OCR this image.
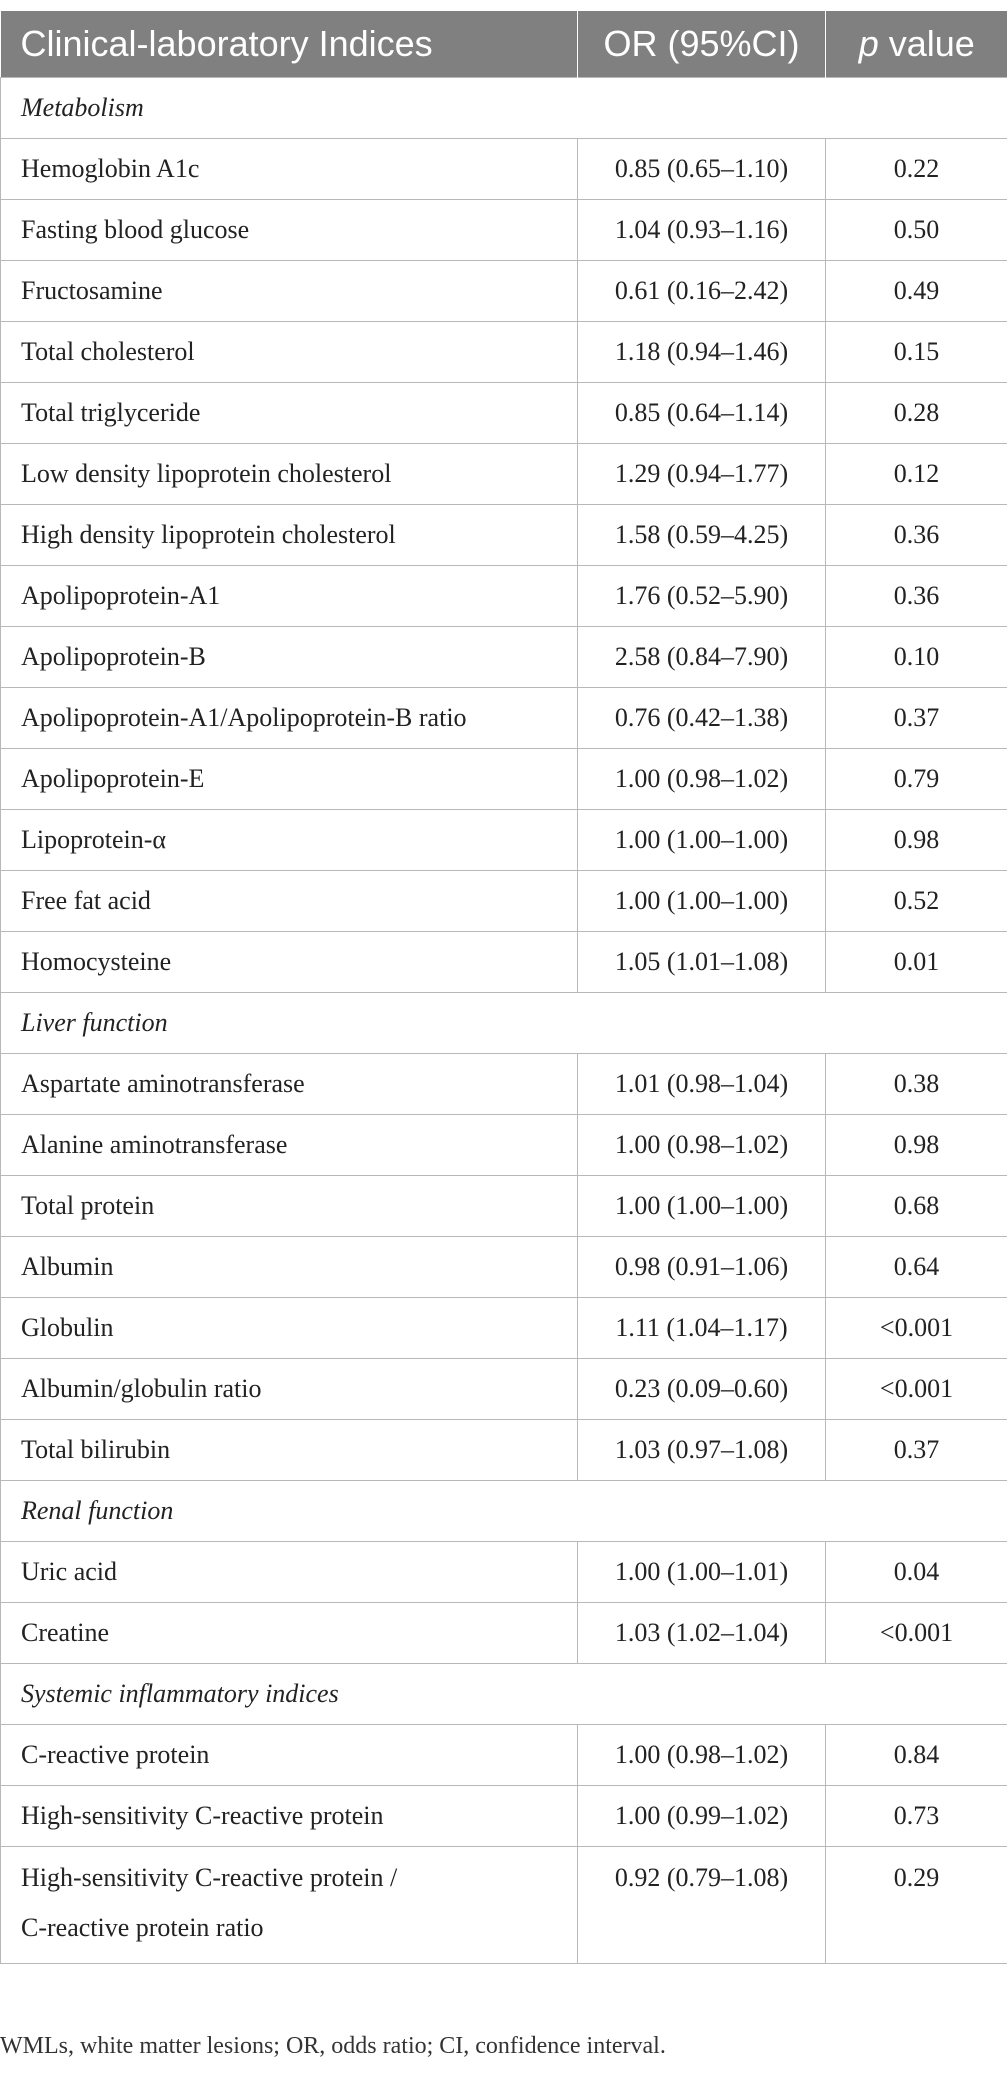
Clinical-laboratory Indices	OR (95%CI)	p value
Metabolism		
Hemoglobin A1c	0.85 (0.65–1.10)	0.22
Fasting blood glucose	1.04 (0.93–1.16)	0.50
Fructosamine	0.61 (0.16–2.42)	0.49
Total cholesterol	1.18 (0.94–1.46)	0.15
Total triglyceride	0.85 (0.64–1.14)	0.28
Low density lipoprotein cholesterol	1.29 (0.94–1.77)	0.12
High density lipoprotein cholesterol	1.58 (0.59–4.25)	0.36
Apolipoprotein-A1	1.76 (0.52–5.90)	0.36
Apolipoprotein-B	2.58 (0.84–7.90)	0.10
Apolipoprotein-A1/Apolipoprotein-B ratio	0.76 (0.42–1.38)	0.37
Apolipoprotein-E	1.00 (0.98–1.02)	0.79
Lipoprotein-α	1.00 (1.00–1.00)	0.98
Free fat acid	1.00 (1.00–1.00)	0.52
Homocysteine	1.05 (1.01–1.08)	0.01
Liver function		
Aspartate aminotransferase	1.01 (0.98–1.04)	0.38
Alanine aminotransferase	1.00 (0.98–1.02)	0.98
Total protein	1.00 (1.00–1.00)	0.68
Albumin	0.98 (0.91–1.06)	0.64
Globulin	1.11 (1.04–1.17)	<0.001
Albumin/globulin ratio	0.23 (0.09–0.60)	<0.001
Total bilirubin	1.03 (0.97–1.08)	0.37
Renal function		
Uric acid	1.00 (1.00–1.01)	0.04
Creatine	1.03 (1.02–1.04)	<0.001
Systemic inflammatory indices		
C-reactive protein	1.00 (0.98–1.02)	0.84
High-sensitivity C-reactive protein	1.00 (0.99–1.02)	0.73

High-sensitivity C-reactive protein /
C-reactive protein ratio	0.92 (0.79–1.08)	0.29

WMLs, white matter lesions; OR, odds ratio; CI, confidence interval.
